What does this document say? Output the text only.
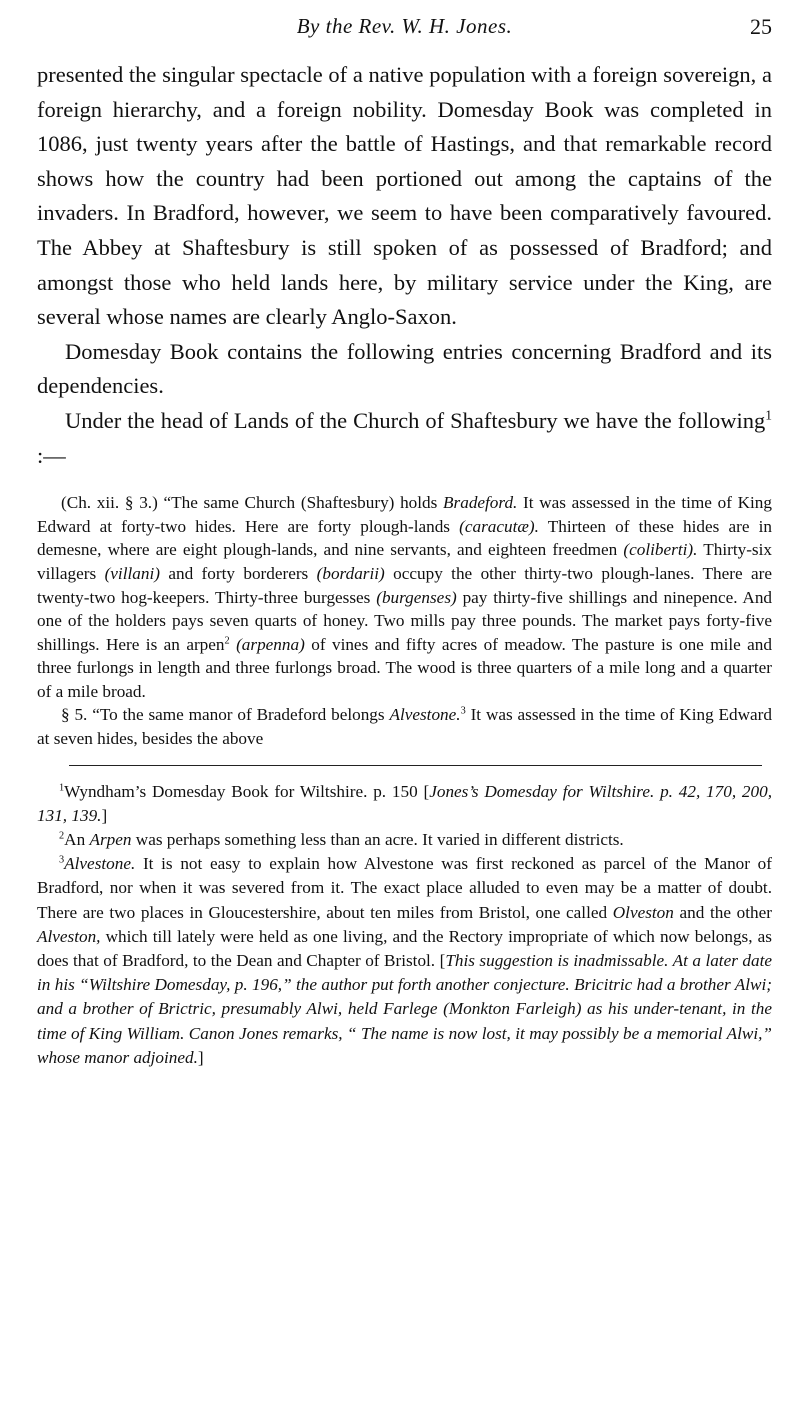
By the Rev. W. H. Jones.	25

presented the singular spectacle of a native population with a foreign sovereign, a foreign hierarchy, and a foreign nobility. Domesday Book was completed in 1086, just twenty years after the battle of Hastings, and that remarkable record shows how the country had been portioned out among the captains of the invaders. In Bradford, however, we seem to have been comparatively favoured. The Abbey at Shaftesbury is still spoken of as possessed of Bradford; and amongst those who held lands here, by military service under the King, are several whose names are clearly Anglo-Saxon.

Domesday Book contains the following entries concerning Bradford and its dependencies.

Under the head of Lands of the Church of Shaftesbury we have the following$^1$ :—

(Ch. xii. § 3.) “The same Church (Shaftesbury) holds Bradeford. It was assessed in the time of King Edward at forty-two hides. Here are forty plough-lands (caracutæ). Thirteen of these hides are in demesne, where are eight plough-lands, and nine servants, and eighteen freedmen (coliberti). Thirty-six villagers (villani) and forty borderers (bordarii) occupy the other thirty-two plough-lanes. There are twenty-two hog-keepers. Thirty-three burgesses (burgenses) pay thirty-five shillings and ninepence. And one of the holders pays seven quarts of honey. Two mills pay three pounds. The market pays forty-five shillings. Here is an arpen$^2$ (arpenna) of vines and fifty acres of meadow. The pasture is one mile and three furlongs in length and three furlongs broad. The wood is three quarters of a mile long and a quarter of a mile broad.

§ 5. “To the same manor of Bradeford belongs Alvestone.$^3$ It was assessed in the time of King Edward at seven hides, besides the above

$^1$Wyndham’s Domesday Book for Wiltshire. p. 150 [Jones’s Domesday for Wiltshire. p. 42, 170, 200, 131, 139.]

$^2$An Arpen was perhaps something less than an acre. It varied in different districts.

$^3$Alvestone. It is not easy to explain how Alvestone was first reckoned as parcel of the Manor of Bradford, nor when it was severed from it. The exact place alluded to even may be a matter of doubt. There are two places in Gloucestershire, about ten miles from Bristol, one called Olveston and the other Alveston, which till lately were held as one living, and the Rectory impropriate of which now belongs, as does that of Bradford, to the Dean and Chapter of Bristol. [This suggestion is inadmissable. At a later date in his “Wiltshire Domesday, p. 196,” the author put forth another conjecture. Bricitric had a brother Alwi; and a brother of Brictric, presumably Alwi, held Farlege (Monkton Farleigh) as his under-tenant, in the time of King William. Canon Jones remarks, “ The name is now lost, it may possibly be a memorial Alwi,” whose manor adjoined.]
